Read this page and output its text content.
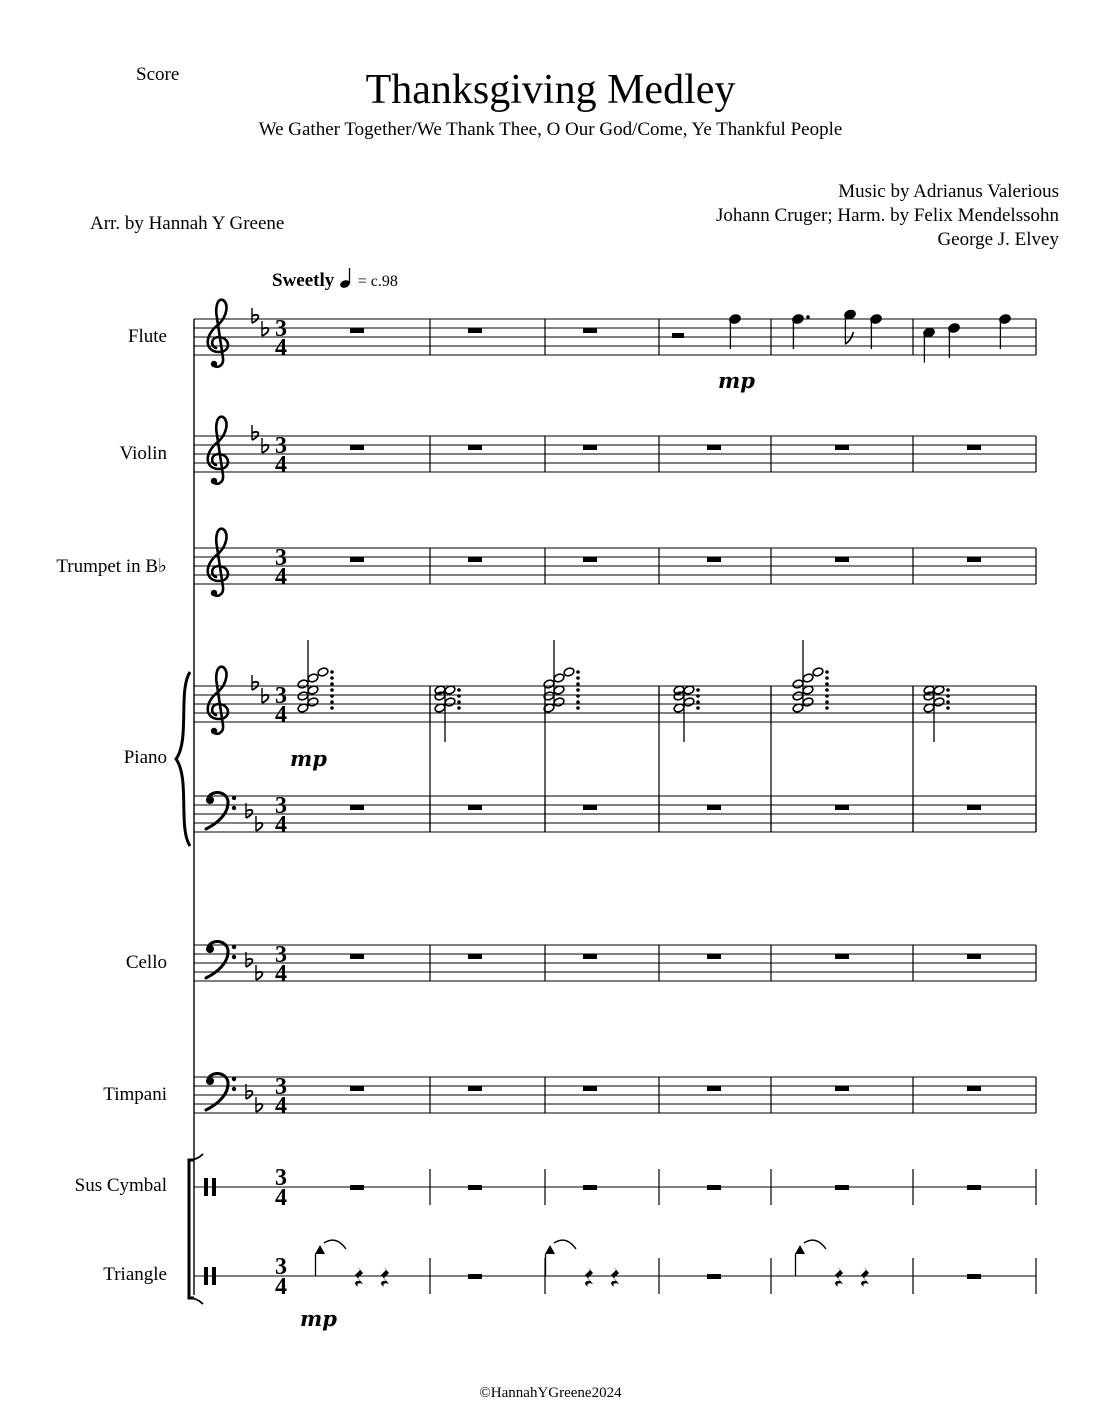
Score	Thanksgiving Medley
We Gather Together/We Thank Thee, O Our God/Come, Ye Thankful People
Arr. by Hannah Y Greene
Music by Adrianus Valerious
Johann Cruger; Harm. by Felix Mendelssohn
George J. Elvey
Sweetly = c.98
Flute
Violin
Trumpet in B♭
Piano
Cello
Timpani
Sus Cymbal
Triangle
3
4
3
4
3
4
3
4
3
4
3
4
3
4
3
4
3
4
mp
mp
mp
©HannahYGreene2024
